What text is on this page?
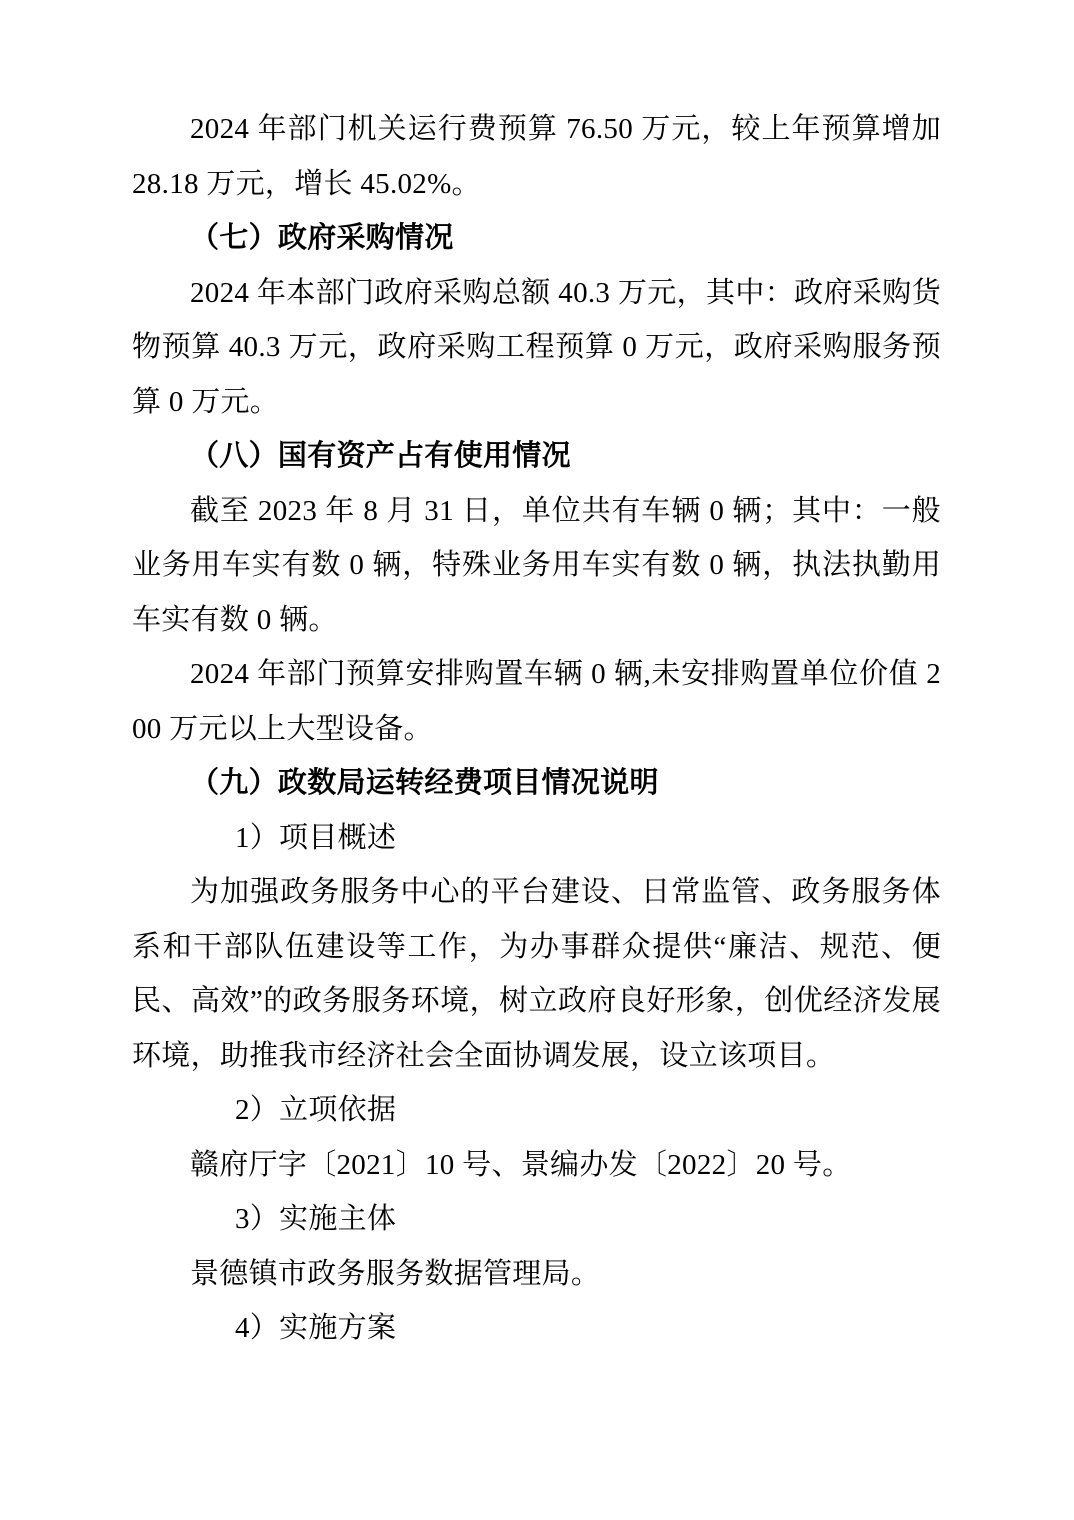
2024 年部门机关运行费预算 76.50 万元，较上年预算增加 28.18 万元，增长 45.02%。

（七）政府采购情况

2024 年本部门政府采购总额 40.3 万元，其中：政府采购货物预算 40.3 万元，政府采购工程预算 0 万元，政府采购服务预算 0 万元。

（八）国有资产占有使用情况

截至 2023 年 8 月 31 日，单位共有车辆 0 辆；其中：一般业务用车实有数 0 辆，特殊业务用车实有数 0 辆，执法执勤用车实有数 0 辆。

2024 年部门预算安排购置车辆 0 辆,未安排购置单位价值 200 万元以上大型设备。

（九）政数局运转经费项目情况说明

1）项目概述

为加强政务服务中心的平台建设、日常监管、政务服务体系和干部队伍建设等工作，为办事群众提供“廉洁、规范、便民、高效”的政务服务环境，树立政府良好形象，创优经济发展环境，助推我市经济社会全面协调发展，设立该项目。

2）立项依据

赣府厅字〔2021〕10 号、景编办发〔2022〕20 号。

3）实施主体

景德镇市政务服务数据管理局。

4）实施方案
